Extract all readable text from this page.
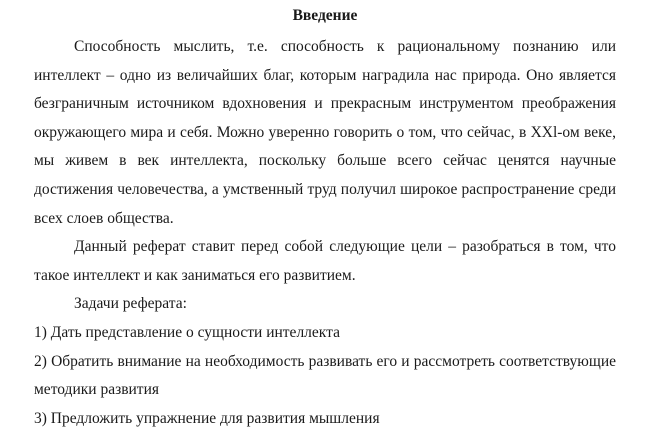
Введение

Способность мыслить, т.е. способность к рациональному познанию или интеллект – одно из величайших благ, которым наградила нас природа. Оно является безграничным источником вдохновения и прекрасным инструментом преображения окружающего мира и себя. Можно уверенно говорить о том, что сейчас, в XXl-ом веке, мы живем в век интеллекта, поскольку больше всего сейчас ценятся научные достижения человечества, а умственный труд получил широкое распространение среди всех слоев общества.

Данный реферат ставит перед собой следующие цели – разобраться в том, что такое интеллект и как заниматься его развитием.

Задачи реферата:

1) Дать представление о сущности интеллекта

2) Обратить внимание на необходимость развивать его и рассмотреть соответствующие методики развития

3) Предложить упражнение для развития мышления
